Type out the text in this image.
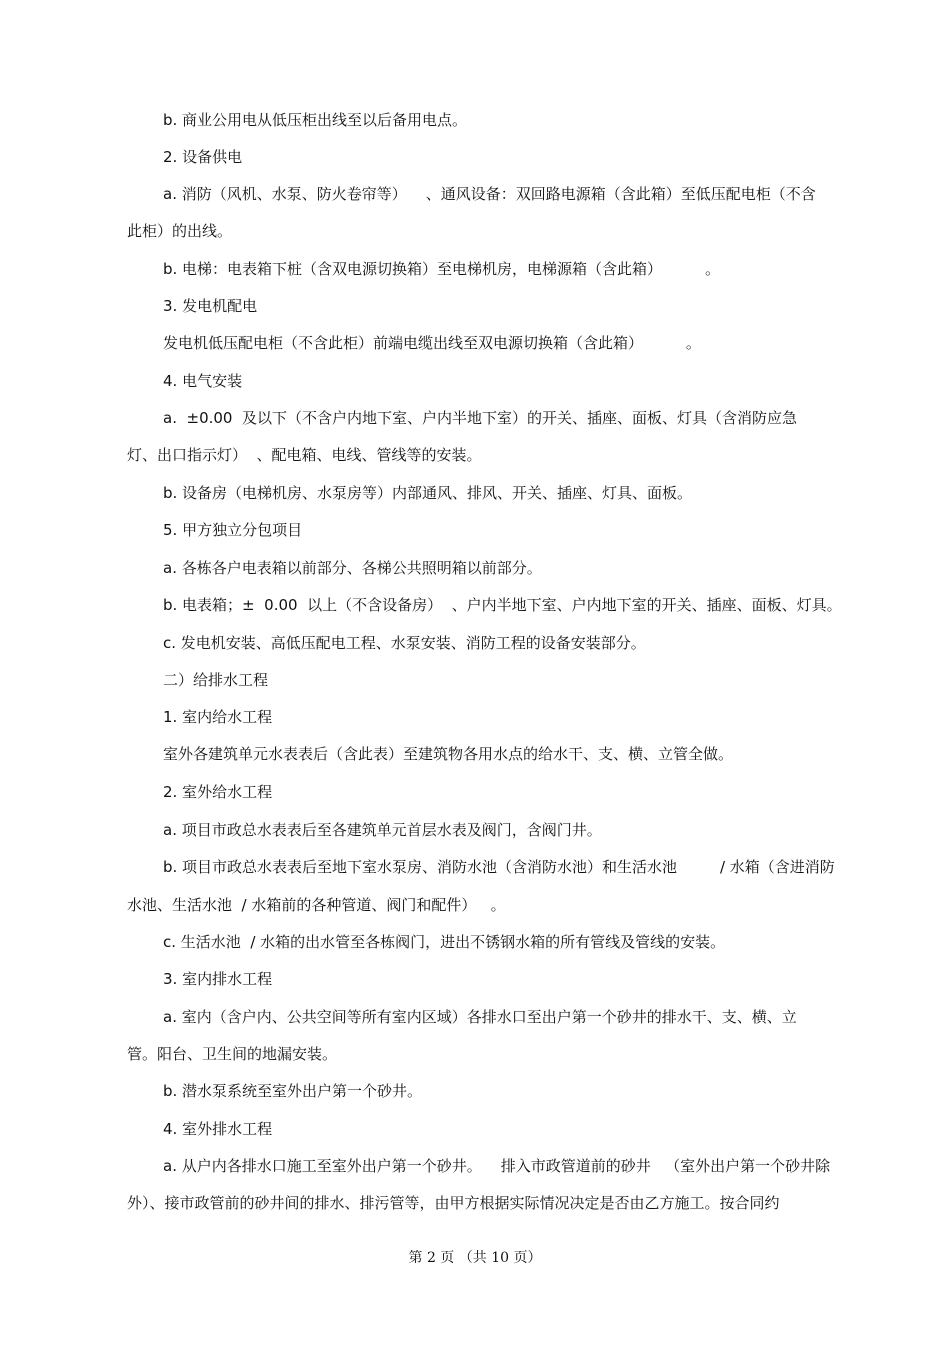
b. 商业公用电从低压柜出线至以后备用电点。
2. 设备供电
a. 消防（风机、水泵、防火卷帘等）    、通风设备：双回路电源箱（含此箱）至低压配电柜（不含
此柜）的出线。
b. 电梯：电表箱下桩（含双电源切换箱）至电梯机房，电梯源箱（含此箱）         。
3. 发电机配电
发电机低压配电柜（不含此柜）前端电缆出线至双电源切换箱（含此箱）         。
4. 电气安装
a.  ±0.00  及以下（不含户内地下室、户内半地下室）的开关、插座、面板、灯具（含消防应急
灯、出口指示灯）  、配电箱、电线、管线等的安装。
b. 设备房（电梯机房、水泵房等）内部通风、排风、开关、插座、灯具、面板。
5. 甲方独立分包项目
a. 各栋各户电表箱以前部分、各梯公共照明箱以前部分。
b. 电表箱；±  0.00  以上（不含设备房）  、户内半地下室、户内地下室的开关、插座、面板、灯具。
c. 发电机安装、高低压配电工程、水泵安装、消防工程的设备安装部分。
二）给排水工程
1. 室内给水工程
室外各建筑单元水表表后（含此表）至建筑物各用水点的给水干、支、横、立管全做。
2. 室外给水工程
a. 项目市政总水表表后至各建筑单元首层水表及阀门，含阀门井。
b. 项目市政总水表表后至地下室水泵房、消防水池（含消防水池）和生活水池         / 水箱（含进消防
水池、生活水池  / 水箱前的各种管道、阀门和配件）   。
c. 生活水池  / 水箱的出水管至各栋阀门，进出不锈钢水箱的所有管线及管线的安装。
3. 室内排水工程
a. 室内（含户内、公共空间等所有室内区域）各排水口至出户第一个砂井的排水干、支、横、立
管。阳台、卫生间的地漏安装。
b. 潜水泵系统至室外出户第一个砂井。
4. 室外排水工程
a. 从户内各排水口施工至室外出户第一个砂井。    排入市政管道前的砂井   （室外出户第一个砂井除
外）、接市政管前的砂井间的排水、排污管等，由甲方根据实际情况决定是否由乙方施工。按合同约
第 2 页 （共 10 页）
